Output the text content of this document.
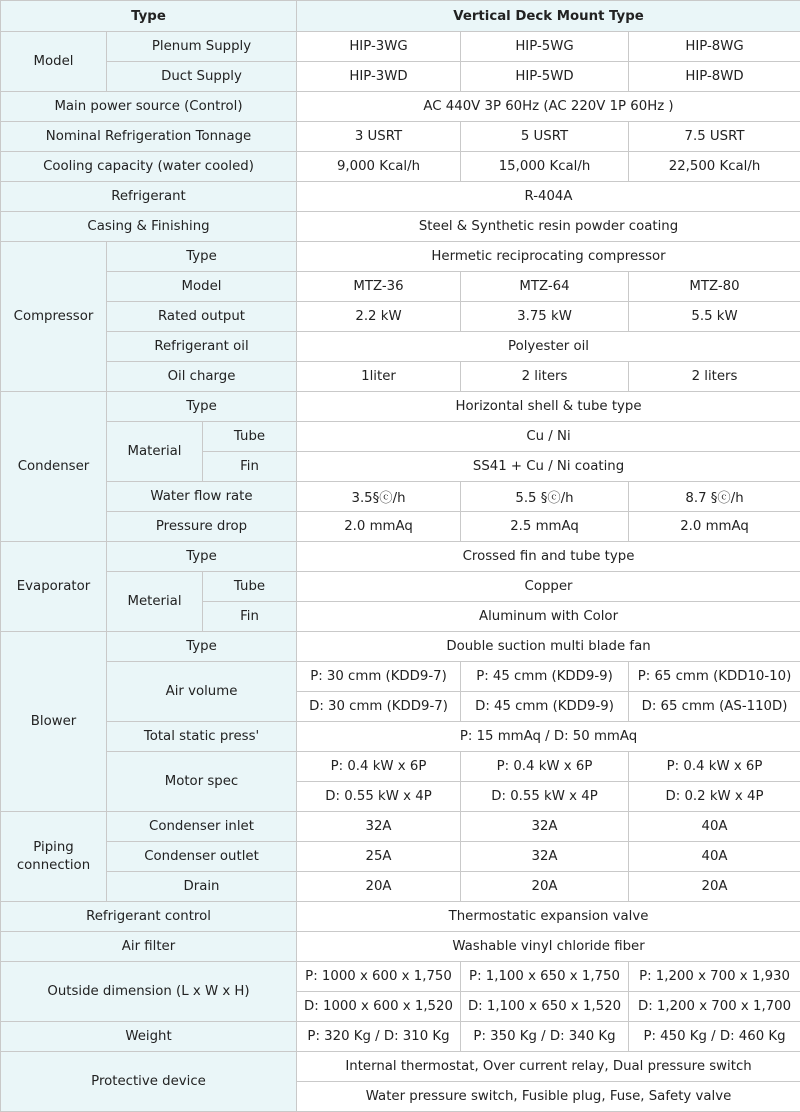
Type			Vertical Deck Mount Type		
Model	Plenum Supply		HIP-3WG	HIP-5WG	HIP-8WG
	Duct Supply		HIP-3WD	HIP-5WD	HIP-8WD
Main power source (Control)			AC 440V 3P 60Hz (AC 220V 1P 60Hz )		
Nominal Refrigeration Tonnage			3 USRT	5 USRT	7.5 USRT
Cooling capacity (water cooled)			9,000 Kcal/h	15,000 Kcal/h	22,500 Kcal/h
Refrigerant			R-404A		
Casing & Finishing			Steel & Synthetic resin powder coating		
Compressor	Type		Hermetic reciprocating compressor		
	Model		MTZ-36	MTZ-64	MTZ-80
	Rated output		2.2 kW	3.75 kW	5.5 kW
	Refrigerant oil		Polyester oil		
	Oil charge		1liter	2 liters	2 liters
Condenser	Type		Horizontal shell & tube type		
	Material	Tube	Cu / Ni		
		Fin	SS41 + Cu / Ni coating		
	Water flow rate		3.5§ⓒ/h	5.5 §ⓒ/h	8.7 §ⓒ/h
	Pressure drop		2.0 mmAq	2.5 mmAq	2.0 mmAq
Evaporator	Type		Crossed fin and tube type		
	Meterial	Tube	Copper		
		Fin	Aluminum with Color		
Blower	Type		Double suction multi blade fan		
	Air volume		P: 30 cmm (KDD9-7)	P: 45 cmm (KDD9-9)	P: 65 cmm (KDD10-10)
			D: 30 cmm (KDD9-7)	D: 45 cmm (KDD9-9)	D: 65 cmm (AS-110D)
	Total static press'		P: 15 mmAq / D: 50 mmAq		
	Motor spec		P: 0.4 kW x 6P	P: 0.4 kW x 6P	P: 0.4 kW x 6P
			D: 0.55 kW x 4P	D: 0.55 kW x 4P	D: 0.2 kW x 4P
Piping connection	Condenser inlet		32A	32A	40A
	Condenser outlet		25A	32A	40A
	Drain		20A	20A	20A
Refrigerant control			Thermostatic expansion valve		
Air filter			Washable vinyl chloride fiber		
Outside dimension (L x W x H)			P: 1000 x 600 x 1,750	P: 1,100 x 650 x 1,750	P: 1,200 x 700 x 1,930
			D: 1000 x 600 x 1,520	D: 1,100 x 650 x 1,520	D: 1,200 x 700 x 1,700
Weight			P: 320 Kg / D: 310 Kg	P: 350 Kg / D: 340 Kg	P: 450 Kg / D: 460 Kg
Protective device			Internal thermostat, Over current relay, Dual pressure switch		
			Water pressure switch, Fusible plug, Fuse, Safety valve		
